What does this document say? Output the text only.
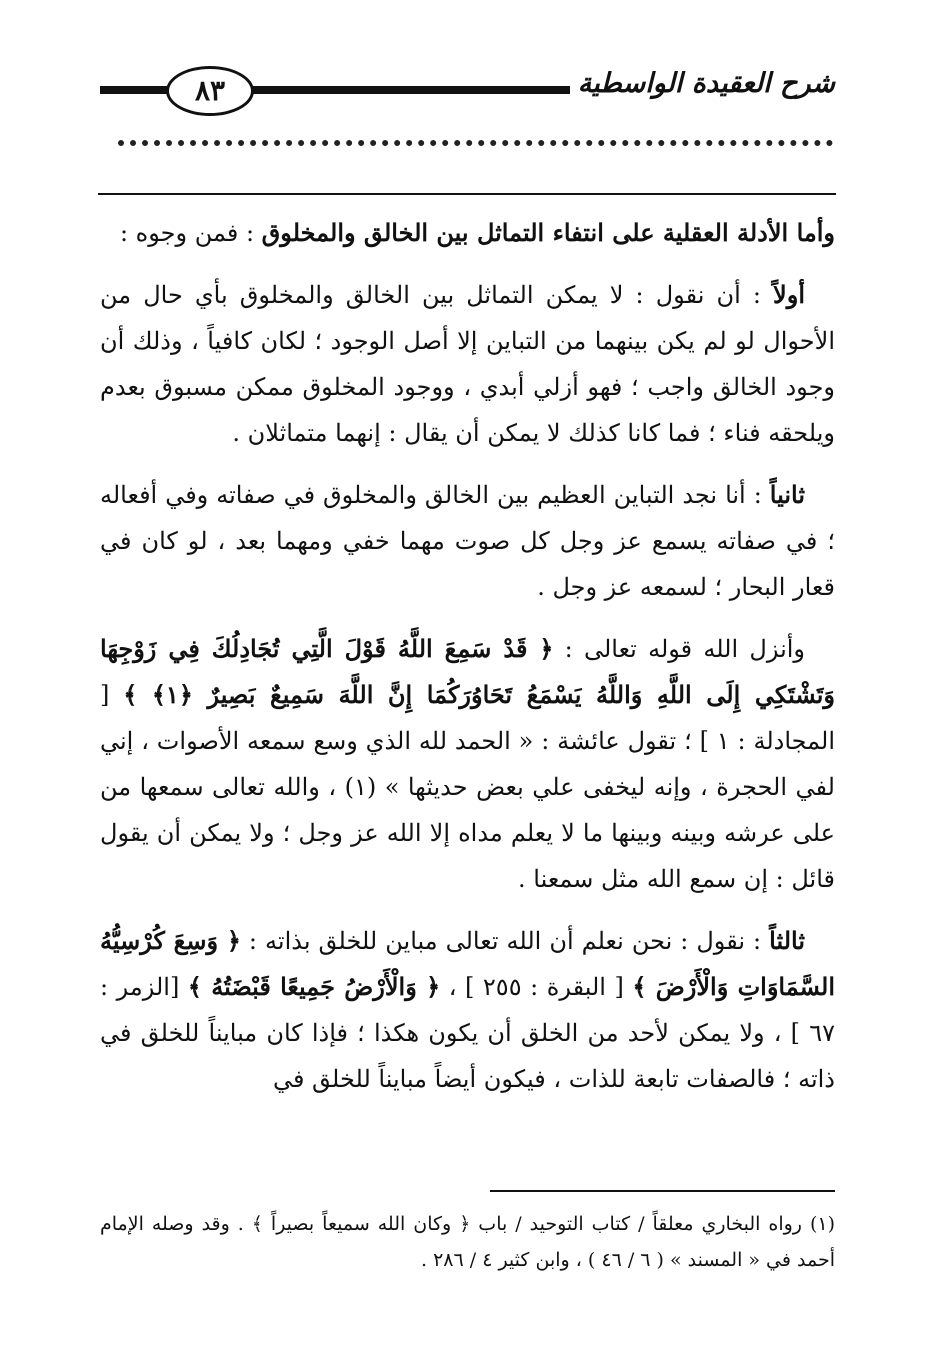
٨٣	شرح العقيدة الواسطية

وأما الأدلة العقلية على انتفاء التماثل بين الخالق والمخلوق : فمن وجوه :

أولاً : أن نقول : لا يمكن التماثل بين الخالق والمخلوق بأي حال من الأحوال لو لم يكن بينهما من التباين إلا أصل الوجود ؛ لكان كافياً ، وذلك أن وجود الخالق واجب ؛ فهو أزلي أبدي ، ووجود المخلوق ممكن مسبوق بعدم ويلحقه فناء ؛ فما كانا كذلك لا يمكن أن يقال : إنهما متماثلان .

ثانياً : أنا نجد التباين العظيم بين الخالق والمخلوق في صفاته وفي أفعاله ؛ في صفاته يسمع عز وجل كل صوت مهما خفي ومهما بعد ، لو كان في قعار البحار ؛ لسمعه عز وجل .

وأنزل الله قوله تعالى : ﴿ قَدْ سَمِعَ اللَّهُ قَوْلَ الَّتِي تُجَادِلُكَ فِي زَوْجِهَا وَتَشْتَكِي إِلَى اللَّهِ وَاللَّهُ يَسْمَعُ تَحَاوُرَكُمَا إِنَّ اللَّهَ سَمِيعٌ بَصِيرٌ ﴿١﴾ ﴾ [ المجادلة : ١ ] ؛ تقول عائشة : « الحمد لله الذي وسع سمعه الأصوات ، إني لفي الحجرة ، وإنه ليخفى علي بعض حديثها » (١) ، والله تعالى سمعها من على عرشه وبينه وبينها ما لا يعلم مداه إلا الله عز وجل ؛ ولا يمكن أن يقول قائل : إن سمع الله مثل سمعنا .

ثالثاً : نقول : نحن نعلم أن الله تعالى مباين للخلق بذاته : ﴿ وَسِعَ كُرْسِيُّهُ السَّمَاوَاتِ وَالْأَرْضَ ﴾ [ البقرة : ٢٥٥ ] ، ﴿ وَالْأَرْضُ جَمِيعًا قَبْضَتُهُ ﴾ [الزمر : ٦٧ ] ، ولا يمكن لأحد من الخلق أن يكون هكذا ؛ فإذا كان مبايناً للخلق في ذاته ؛ فالصفات تابعة للذات ، فيكون أيضاً مبايناً للخلق في

(١) رواه البخاري معلقاً / كتاب التوحيد / باب ﴿ وكان الله سميعاً بصيراً ﴾ . وقد وصله الإمام أحمد في « المسند » ( ٦ / ٤٦ ) ، وابن كثير ٤ / ٢٨٦ .
